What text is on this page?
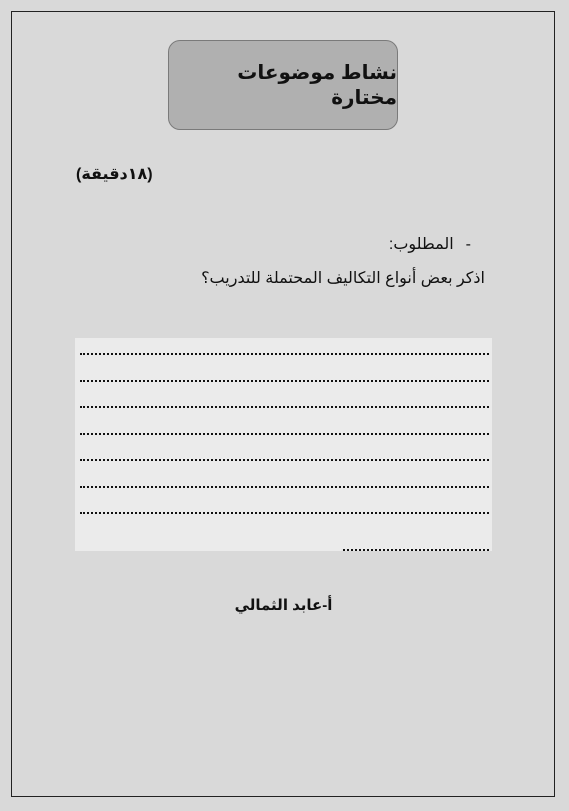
نشاط موضوعات مختارة
(١٨دقيقة)
-المطلوب:
اذكر بعض أنواع التكاليف المحتملة للتدريب؟
أ-عابد الثمالي
